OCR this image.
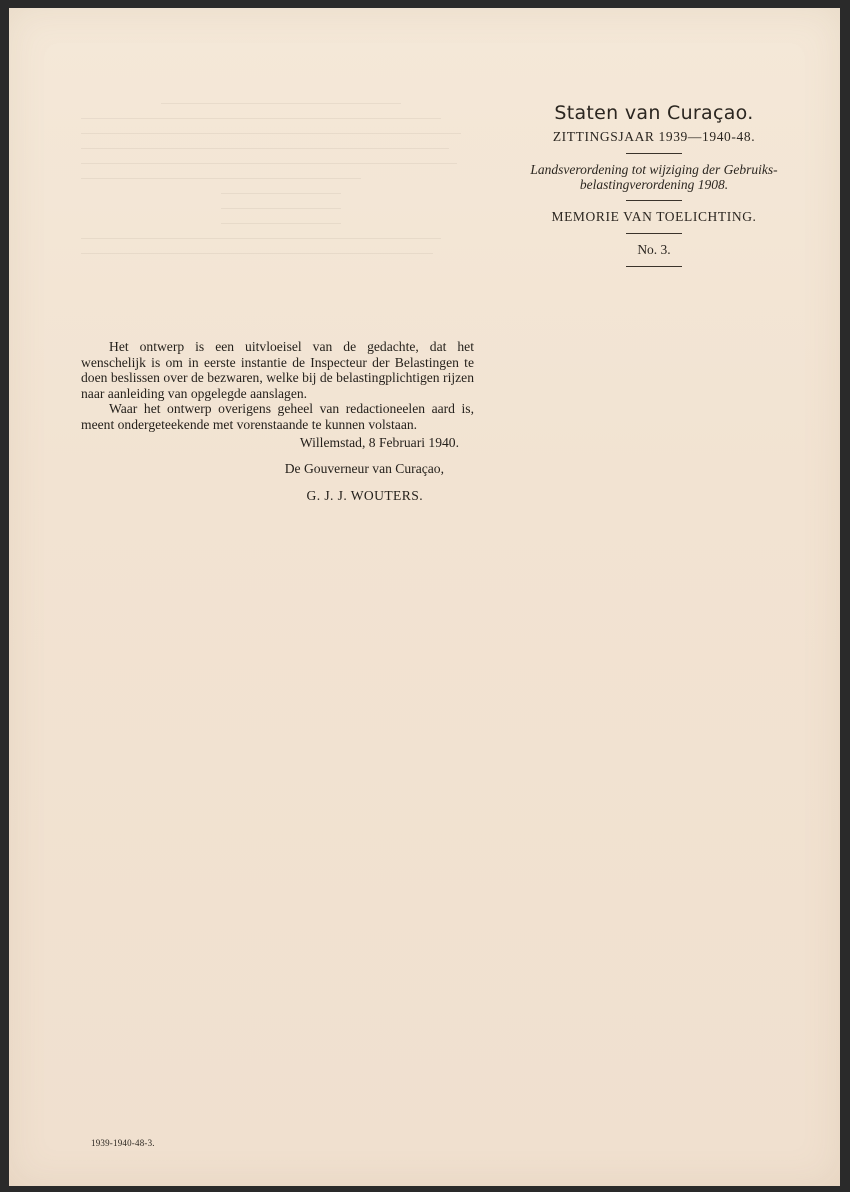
Staten van Curaçao.
ZITTINGSJAAR 1939—1940-48.
Landsverordening tot wijziging der Gebruiks-belastingverordening 1908.
MEMORIE VAN TOELICHTING.
No. 3.

Het ontwerp is een uitvloeisel van de gedachte, dat het wenschelijk is om in eerste instantie de Inspecteur der Belastingen te doen beslissen over de bezwaren, welke bij de belastingplichtigen rijzen naar aanleiding van opgelegde aanslagen.

Waar het ontwerp overigens geheel van redactioneelen aard is, meent ondergeteekende met vorenstaande te kunnen volstaan.

Willemstad, 8 Februari 1940.
De Gouverneur van Curaçao,
G. J. J. WOUTERS.
1939-1940-48-3.
